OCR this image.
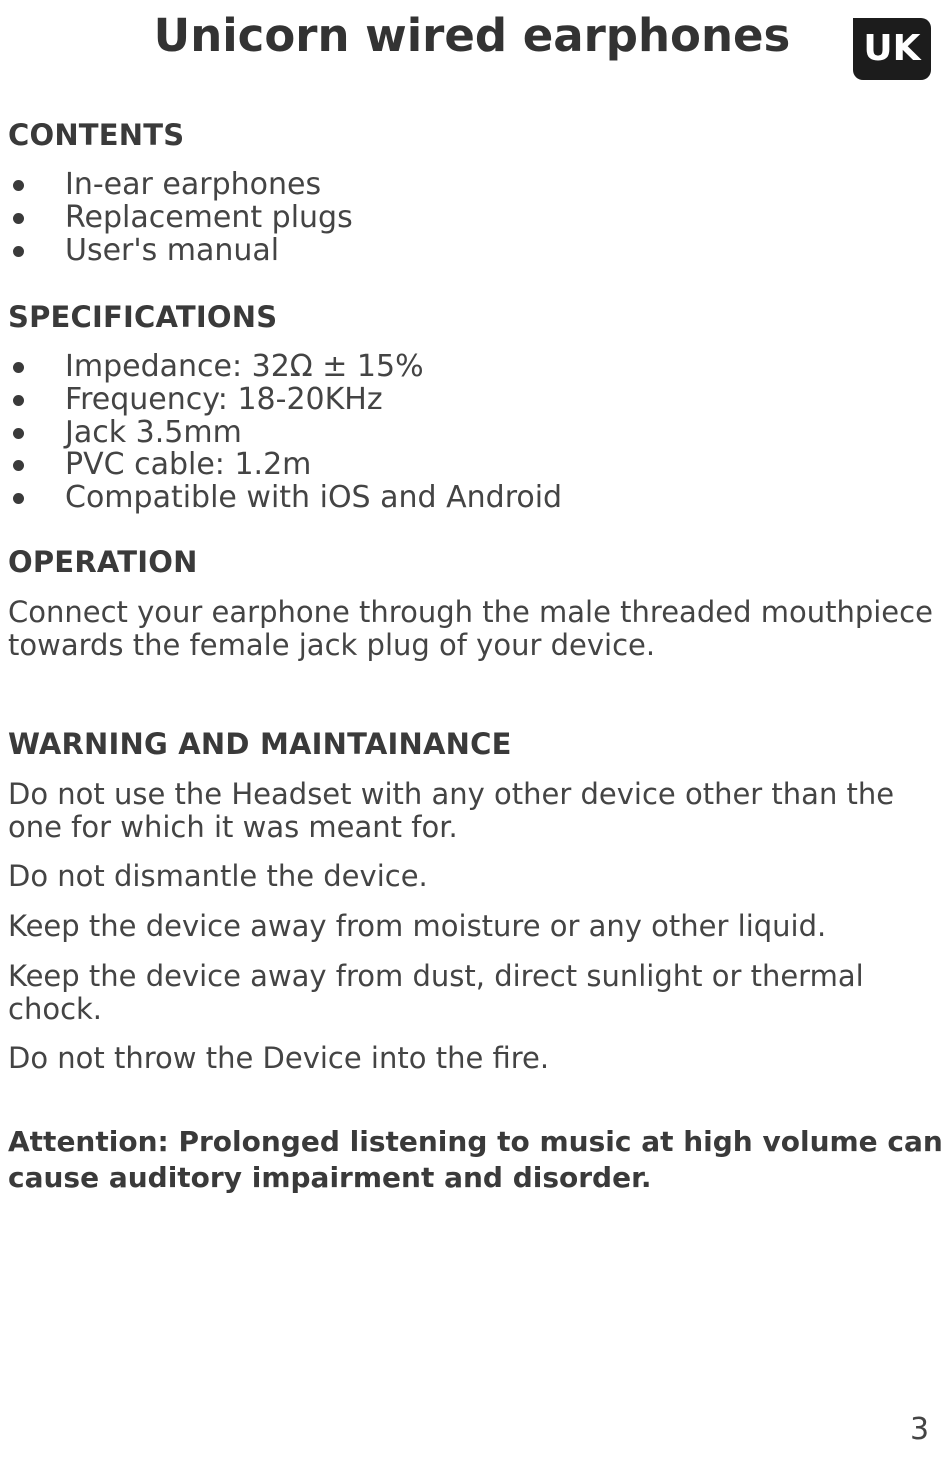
Unicorn wired earphones	UK
CONTENTS
In-ear earphones
Replacement plugs
User's manual
SPECIFICATIONS
Impedance: 32Ω ± 15%
Frequency: 18-20KHz
Jack 3.5mm
PVC cable: 1.2m
Compatible with iOS and Android
OPERATION

Connect your earphone through the male threaded mouthpiece
towards the female jack plug of your device.

WARNING AND MAINTAINANCE

Do not use the Headset with any other device other than the
one for which it was meant for.

Do not dismantle the device.

Keep the device away from moisture or any other liquid.

Keep the device away from dust, direct sunlight or thermal
chock.

Do not throw the Device into the fire.

Attention: Prolonged listening to music at high volume can
cause auditory impairment and disorder.

3
